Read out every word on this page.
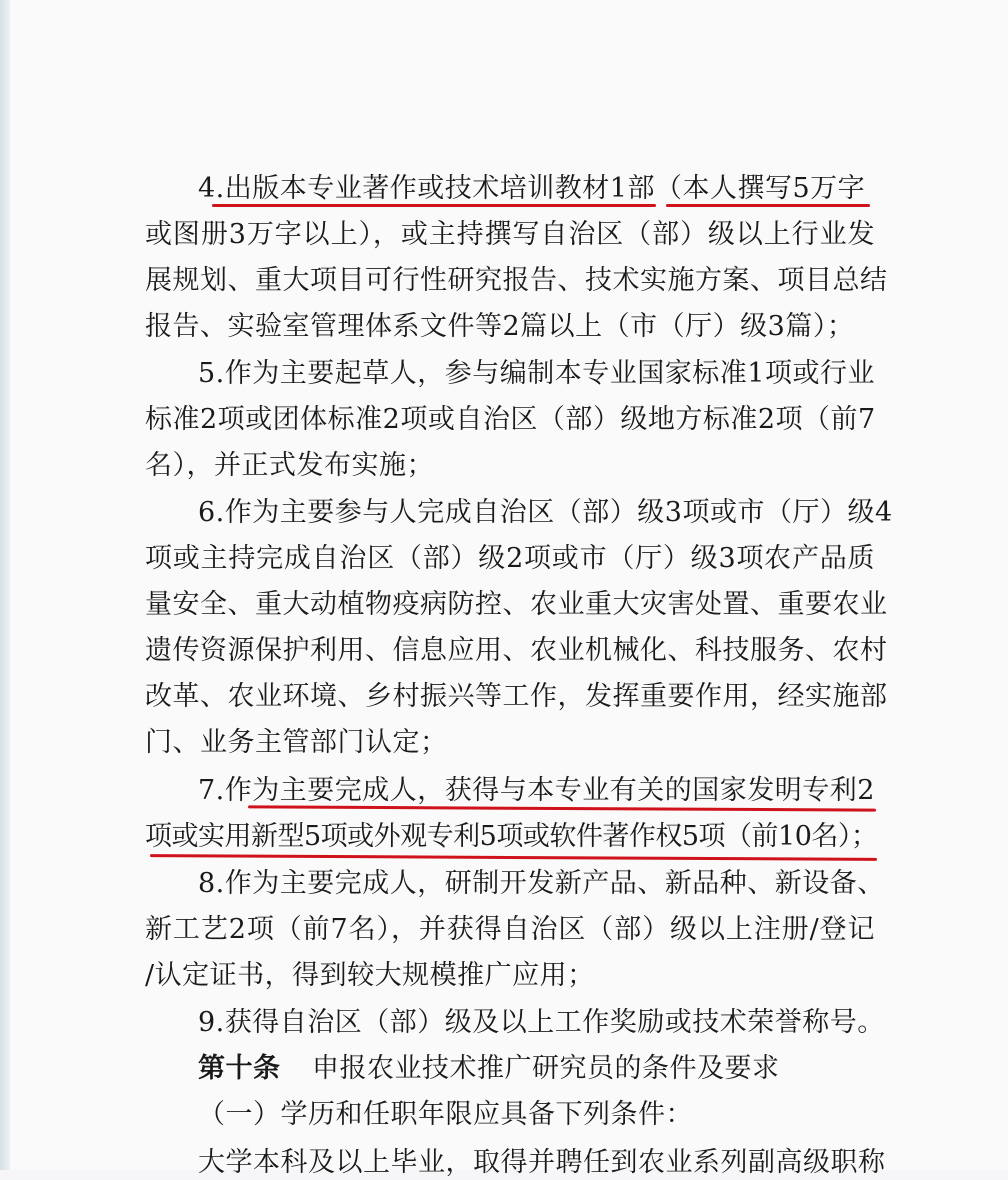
4.出版本专业著作或技术培训教材1部（本人撰写5万字
或图册3万字以上），或主持撰写自治区（部）级以上行业发
展规划、重大项目可行性研究报告、技术实施方案、项目总结
报告、实验室管理体系文件等2篇以上（市（厅）级3篇）；
5.作为主要起草人，参与编制本专业国家标准1项或行业
标准2项或团体标准2项或自治区（部）级地方标准2项（前7
名），并正式发布实施；
6.作为主要参与人完成自治区（部）级3项或市（厅）级4
项或主持完成自治区（部）级2项或市（厅）级3项农产品质
量安全、重大动植物疫病防控、农业重大灾害处置、重要农业
遗传资源保护利用、信息应用、农业机械化、科技服务、农村
改革、农业环境、乡村振兴等工作，发挥重要作用，经实施部
门、业务主管部门认定；
7.作为主要完成人，获得与本专业有关的国家发明专利2
项或实用新型5项或外观专利5项或软件著作权5项（前10名）；
8.作为主要完成人，研制开发新产品、新品种、新设备、
新工艺2项（前7名），并获得自治区（部）级以上注册/登记
/认定证书，得到较大规模推广应用；
9.获得自治区（部）级及以上工作奖励或技术荣誉称号。
第十条	申报农业技术推广研究员的条件及要求
（一）学历和任职年限应具备下列条件：
大学本科及以上毕业，取得并聘任到农业系列副高级职称
